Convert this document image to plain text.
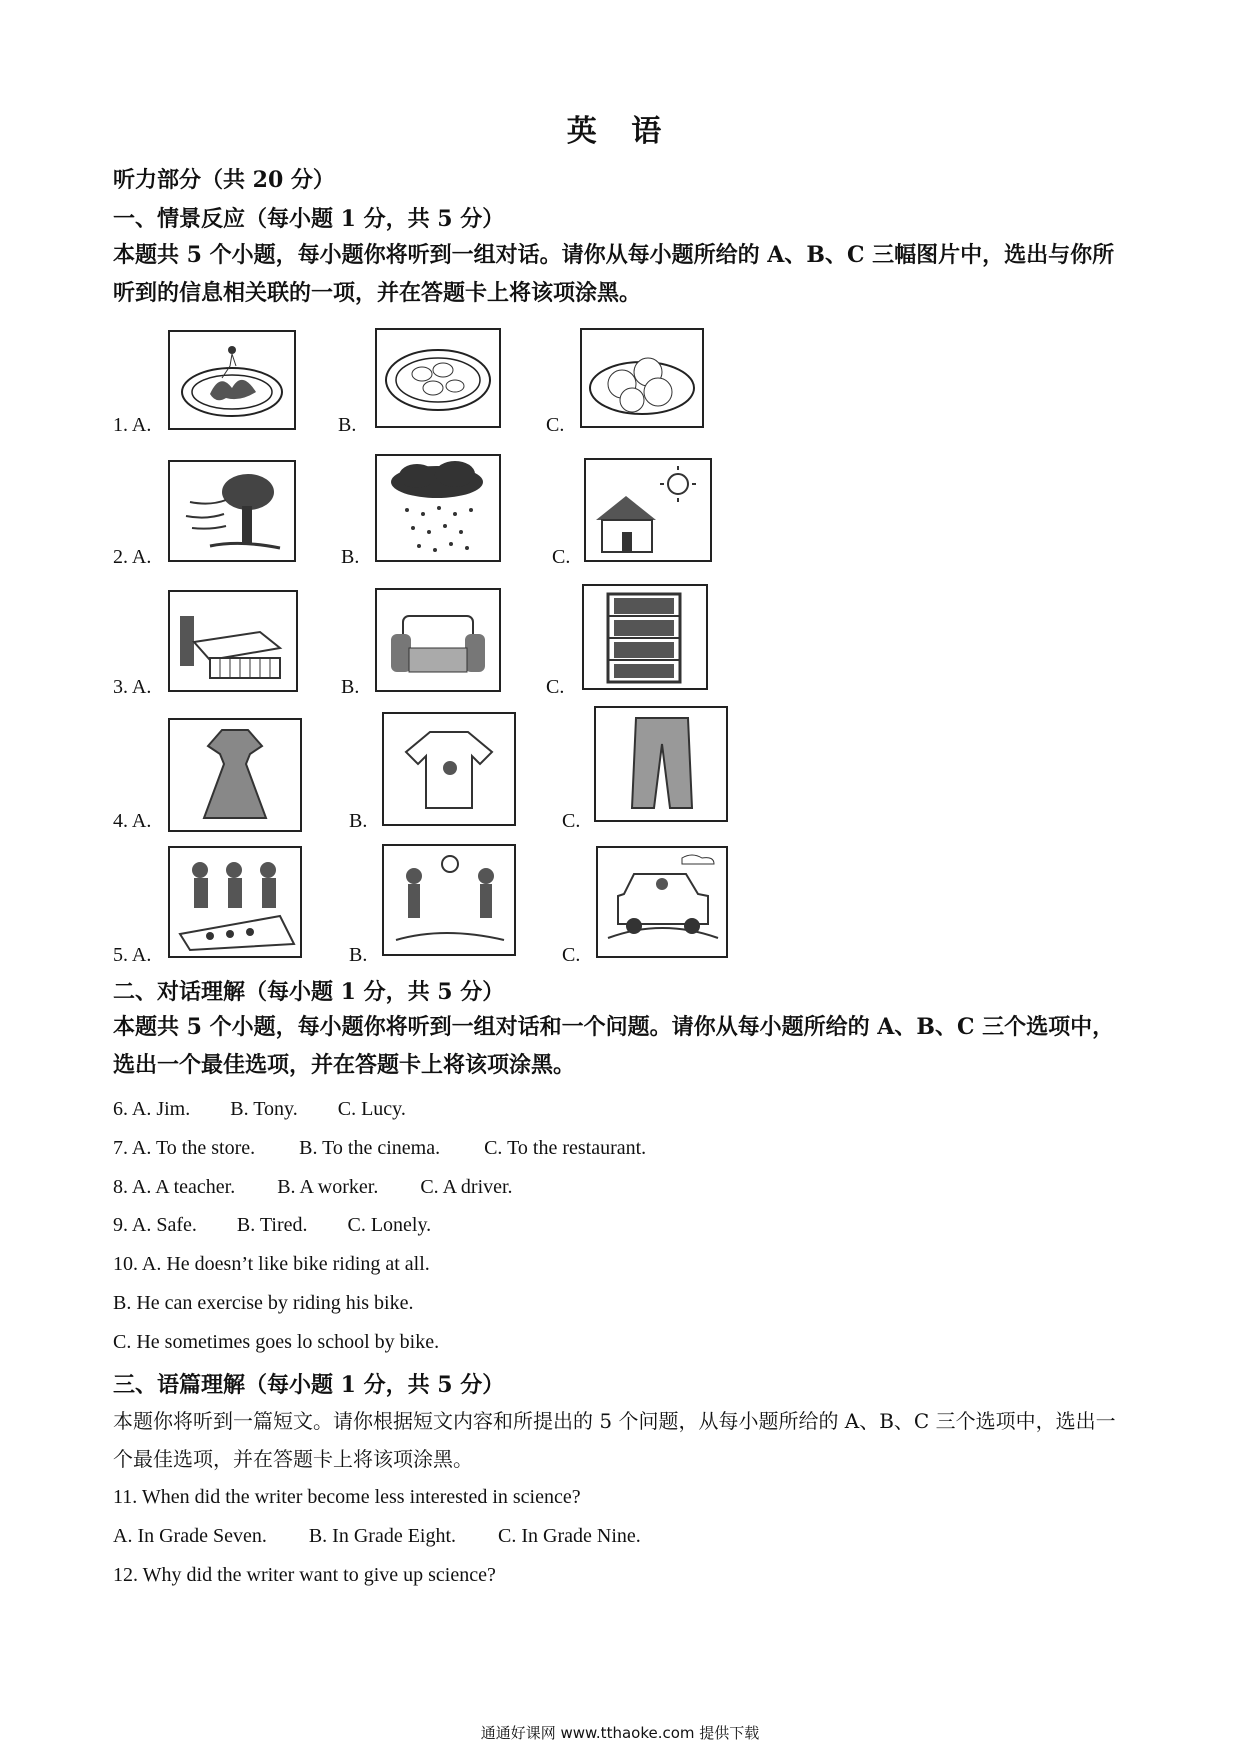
英 语
听力部分（共 20 分）
一、情景反应（每小题 1 分，共 5 分）
本题共 5 个小题，每小题你将听到一组对话。请你从每小题所给的 A、B、C 三幅图片中，选出与你所听到的信息相关联的一项，并在答题卡上将该项涂黑。
1. A.	B.	C.
2. A.	B.	C.
3. A.	B.	C.
4. A.	B.	C.
5. A.	B.	C.
二、对话理解（每小题 1 分，共 5 分）
本题共 5 个小题，每小题你将听到一组对话和一个问题。请你从每小题所给的 A、B、C 三个选项中，选出一个最佳选项，并在答题卡上将该项涂黑。
6. A. Jim. B. Tony. C. Lucy.
7. A. To the store. B. To the cinema. C. To the restaurant.
8. A. A teacher. B. A worker. C. A driver.
9. A. Safe. B. Tired. C. Lonely.
10. A. He doesn’t like bike riding at all.
B. He can exercise by riding his bike.
C. He sometimes goes lo school by bike.
三、语篇理解（每小题 1 分，共 5 分）
本题你将听到一篇短文。请你根据短文内容和所提出的 5 个问题，从每小题所给的 A、B、C 三个选项中，选出一个最佳选项，并在答题卡上将该项涂黑。
11. When did the writer become less interested in science?
A. In Grade Seven. B. In Grade Eight. C. In Grade Nine.
12. Why did the writer want to give up science?
通通好课网 www.tthaoke.com 提供下载
